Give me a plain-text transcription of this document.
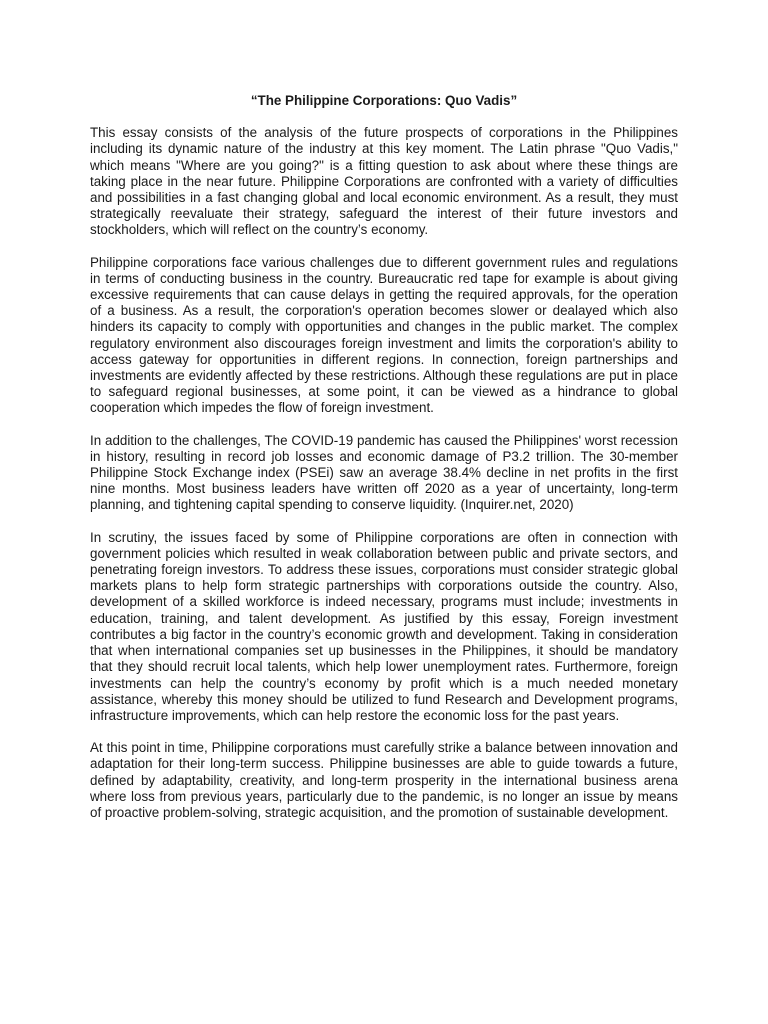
“The Philippine Corporations: Quo Vadis”

This essay consists of the analysis of the future prospects of corporations in the Philippines including its dynamic nature of the industry at this key moment. The Latin phrase "Quo Vadis," which means "Where are you going?" is a fitting question to ask about where these things are taking place in the near future. Philippine Corporations are confronted with a variety of difficulties and possibilities in a fast changing global and local economic environment. As a result, they must strategically reevaluate their strategy, safeguard the interest of their future investors and stockholders, which will reflect on the country’s economy.

Philippine corporations face various challenges due to different government rules and regulations in terms of conducting business in the country. Bureaucratic red tape for example is about giving excessive requirements that can cause delays in getting the required approvals, for the operation of a business. As a result, the corporation's operation becomes slower or dealayed which also hinders its capacity to comply with opportunities and changes in the public market. The complex regulatory environment also discourages foreign investment and limits the corporation's ability to access gateway for opportunities in different regions. In connection, foreign partnerships and investments are evidently affected by these restrictions. Although these regulations are put in place to safeguard regional businesses, at some point, it can be viewed as a hindrance to global cooperation which impedes the flow of foreign investment.

In addition to the challenges, The COVID-19 pandemic has caused the Philippines' worst recession in history, resulting in record job losses and economic damage of P3.2 trillion. The 30-member Philippine Stock Exchange index (PSEi) saw an average 38.4% decline in net profits in the first nine months. Most business leaders have written off 2020 as a year of uncertainty, long-term planning, and tightening capital spending to conserve liquidity. (Inquirer.net, 2020)

In scrutiny, the issues faced by some of Philippine corporations are often in connection with government policies which resulted in weak collaboration between public and private sectors, and penetrating foreign investors. To address these issues, corporations must consider strategic global markets plans to help form strategic partnerships with corporations outside the country. Also, development of a skilled workforce is indeed necessary, programs must include; investments in education, training, and talent development. As justified by this essay, Foreign investment contributes a big factor in the country’s economic growth and development. Taking in consideration that when international companies set up businesses in the Philippines, it should be mandatory that they should recruit local talents, which help lower unemployment rates. Furthermore, foreign investments can help the country’s economy by profit which is a much needed monetary assistance, whereby this money should be utilized to fund Research and Development programs, infrastructure improvements, which can help restore the economic loss for the past years.

At this point in time, Philippine corporations must carefully strike a balance between innovation and adaptation for their long-term success. Philippine businesses are able to guide towards a future, defined by adaptability, creativity, and long-term prosperity in the international business arena where loss from previous years, particularly due to the pandemic, is no longer an issue by means of proactive problem-solving, strategic acquisition, and the promotion of sustainable development.
